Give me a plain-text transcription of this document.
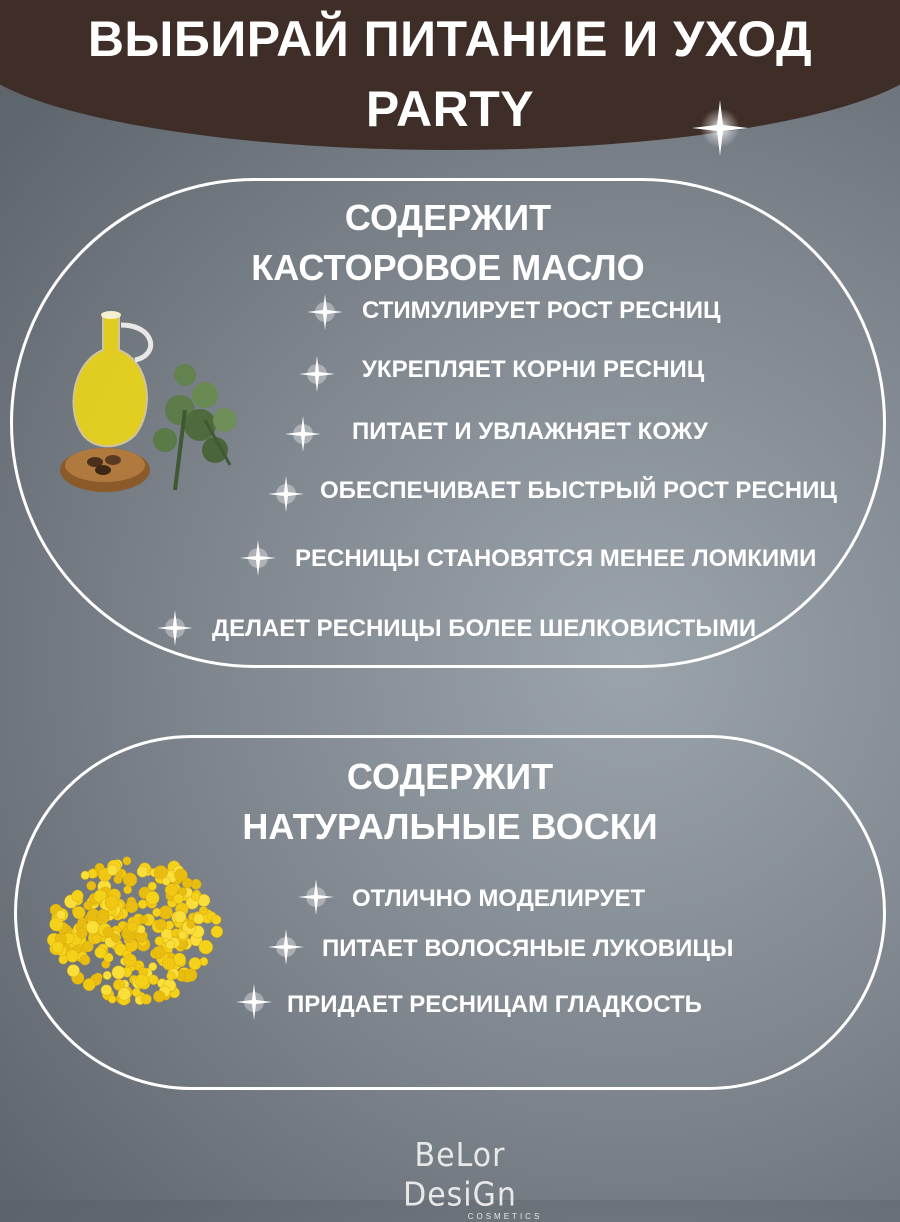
ВЫБИРАЙ ПИТАНИЕ И УХОД
PARTY
СОДЕРЖИТ
КАСТОРОВОЕ МАСЛО
СТИМУЛИРУЕТ РОСТ РЕСНИЦ
УКРЕПЛЯЕТ КОРНИ РЕСНИЦ
ПИТАЕТ И УВЛАЖНЯЕТ КОЖУ
ОБЕСПЕЧИВАЕТ БЫСТРЫЙ РОСТ РЕСНИЦ
РЕСНИЦЫ СТАНОВЯТСЯ МЕНЕЕ ЛОМКИМИ
ДЕЛАЕТ РЕСНИЦЫ БОЛЕЕ ШЕЛКОВИСТЫМИ
СОДЕРЖИТ
НАТУРАЛЬНЫЕ ВОСКИ
ОТЛИЧНО МОДЕЛИРУЕТ
ПИТАЕТ ВОЛОСЯНЫЕ ЛУКОВИЦЫ
ПРИДАЕТ РЕСНИЦАМ ГЛАДКОСТЬ
BeLor DesiGn
COSMETICS
